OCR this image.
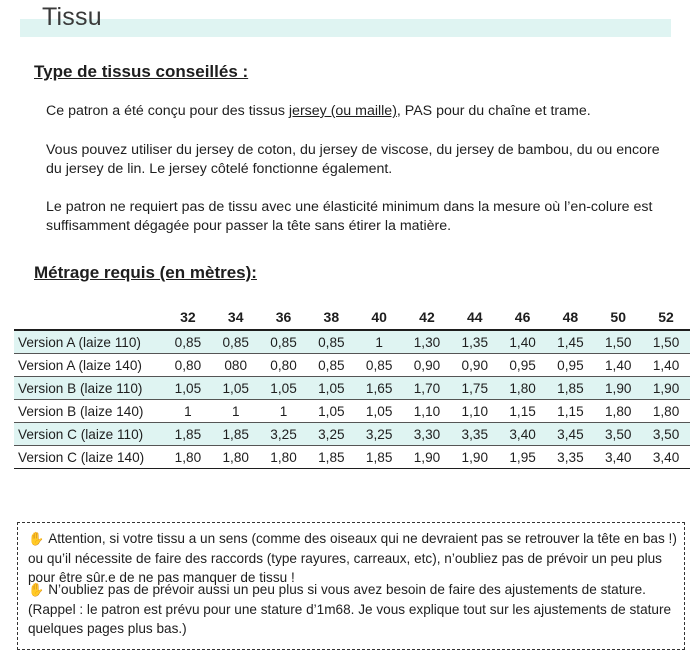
Tissu
Type de tissus conseillés :

Ce patron a été conçu pour des tissus jersey (ou maille), PAS pour du chaîne et trame.

Vous pouvez utiliser du jersey de coton, du jersey de viscose, du jersey de bambou, du ou encore du jersey de lin. Le jersey côtelé fonctionne également.

Le patron ne requiert pas de tissu avec une élasticité minimum dans la mesure où l’en-colure est suffisamment dégagée pour passer la tête sans étirer la matière.

Métrage requis (en mètres):
	32	34	36	38	40	42	44	46	48	50	52
Version A (laize 110)	0,85	0,85	0,85	0,85	1	1,30	1,35	1,40	1,45	1,50	1,50
Version A (laize 140)	0,80	080	0,80	0,85	0,85	0,90	0,90	0,95	0,95	1,40	1,40
Version B (laize 110)	1,05	1,05	1,05	1,05	1,65	1,70	1,75	1,80	1,85	1,90	1,90
Version B (laize 140)	1	1	1	1,05	1,05	1,10	1,10	1,15	1,15	1,80	1,80
Version C (laize 110)	1,85	1,85	3,25	3,25	3,25	3,30	3,35	3,40	3,45	3,50	3,50
Version C (laize 140)	1,80	1,80	1,80	1,85	1,85	1,90	1,90	1,95	3,35	3,40	3,40

✋ Attention, si votre tissu a un sens (comme des oiseaux qui ne devraient pas se retrouver la tête en bas !) ou qu’il nécessite de faire des raccords (type rayures, carreaux, etc), n’oubliez pas de prévoir un peu plus pour être sûr.e de ne pas manquer de tissu !

✋ N’oubliez pas de prévoir aussi un peu plus si vous avez besoin de faire des ajustements de stature. (Rappel : le patron est prévu pour une stature d’1m68. Je vous explique tout sur les ajustements de stature quelques pages plus bas.)
